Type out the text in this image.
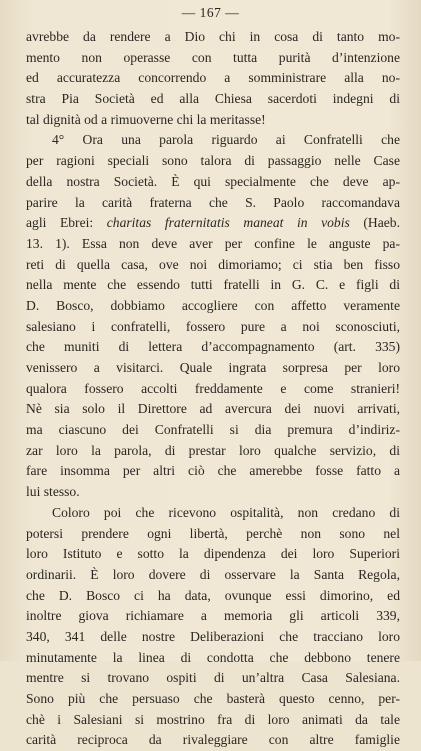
— 167 —
avrebbe da rendere a Dio chi in cosa di tanto mo-
mento non operasse con tutta purità d’intenzione
ed accuratezza concorrendo a somministrare alla no-
stra Pia Società ed alla Chiesa sacerdoti indegni di
tal dignità od a rimuoverne chi la meritasse!
4° Ora una parola riguardo ai Confratelli che
per ragioni speciali sono talora di passaggio nelle Case
della nostra Società. È qui specialmente che deve ap-
parire la carità fraterna che S. Paolo raccomandava
agli Ebrei: charitas fraternitatis maneat in vobis (Haeb.
13. 1). Essa non deve aver per confine le anguste pa-
reti di quella casa, ove noi dimoriamo; ci stia ben fisso
nella mente che essendo tutti fratelli in G. C. e figli di
D. Bosco, dobbiamo accogliere con affetto veramente
salesiano i confratelli, fossero pure a noi sconosciuti,
che muniti di lettera d’accompagnamento (art. 335)
venissero a visitarci. Quale ingrata sorpresa per loro
qualora fossero accolti freddamente e come stranieri!
Nè sia solo il Direttore ad avercura dei nuovi arrivati,
ma ciascuno dei Confratelli si dia premura d’indiriz-
zar loro la parola, di prestar loro qualche servizio, di
fare insomma per altri ciò che amerebbe fosse fatto a
lui stesso.
Coloro poi che ricevono ospitalità, non credano di
potersi prendere ogni libertà, perchè non sono nel
loro Istituto e sotto la dipendenza dei loro Superiori
ordinarii. È loro dovere di osservare la Santa Regola,
che D. Bosco ci ha data, ovunque essi dimorino, ed
inoltre giova richiamare a memoria gli articoli 339,
340, 341 delle nostre Deliberazioni che tracciano loro
minutamente la linea di condotta che debbono tenere
mentre si trovano ospiti di un’altra Casa Salesiana.
Sono più che persuaso che basterà questo cenno, per-
chè i Salesiani si mostrino fra di loro animati da tale
carità reciproca da rivaleggiare con altre famiglie
